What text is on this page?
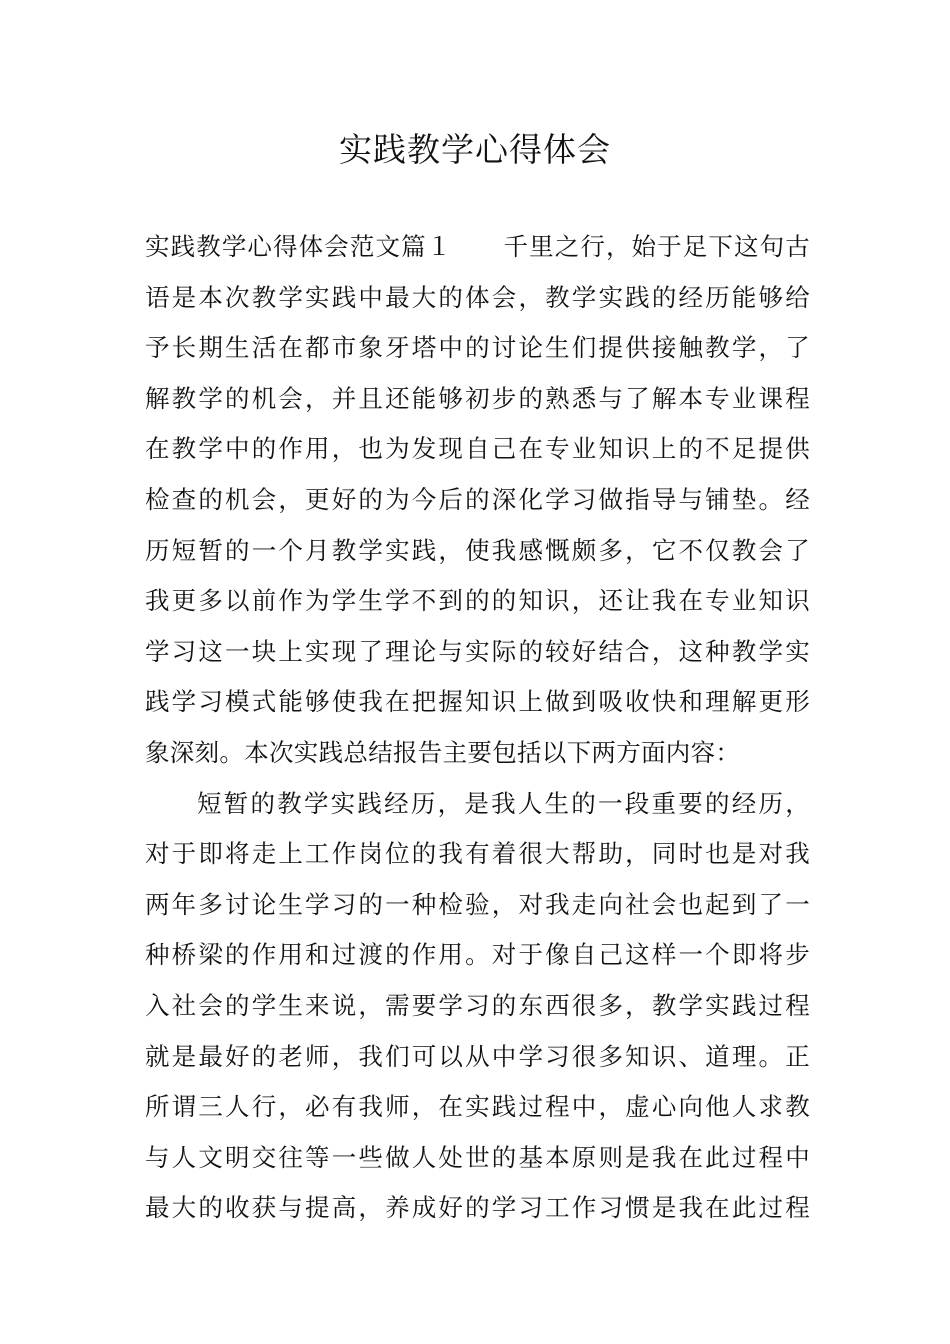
实践教学心得体会
实践教学心得体会范文篇１　　千里之行，始于足下这句古
语是本次教学实践中最大的体会，教学实践的经历能够给
予长期生活在都市象牙塔中的讨论生们提供接触教学，了
解教学的机会，并且还能够初步的熟悉与了解本专业课程
在教学中的作用，也为发现自己在专业知识上的不足提供
检查的机会，更好的为今后的深化学习做指导与铺垫。经
历短暂的一个月教学实践，使我感慨颇多，它不仅教会了
我更多以前作为学生学不到的的知识，还让我在专业知识
学习这一块上实现了理论与实际的较好结合，这种教学实
践学习模式能够使我在把握知识上做到吸收快和理解更形
象深刻。本次实践总结报告主要包括以下两方面内容：
短暂的教学实践经历，是我人生的一段重要的经历，
对于即将走上工作岗位的我有着很大帮助，同时也是对我
两年多讨论生学习的一种检验，对我走向社会也起到了一
种桥梁的作用和过渡的作用。对于像自己这样一个即将步
入社会的学生来说，需要学习的东西很多，教学实践过程
就是最好的老师，我们可以从中学习很多知识、道理。正
所谓三人行，必有我师，在实践过程中，虚心向他人求教
与人文明交往等一些做人处世的基本原则是我在此过程中
最大的收获与提高，养成好的学习工作习惯是我在此过程
